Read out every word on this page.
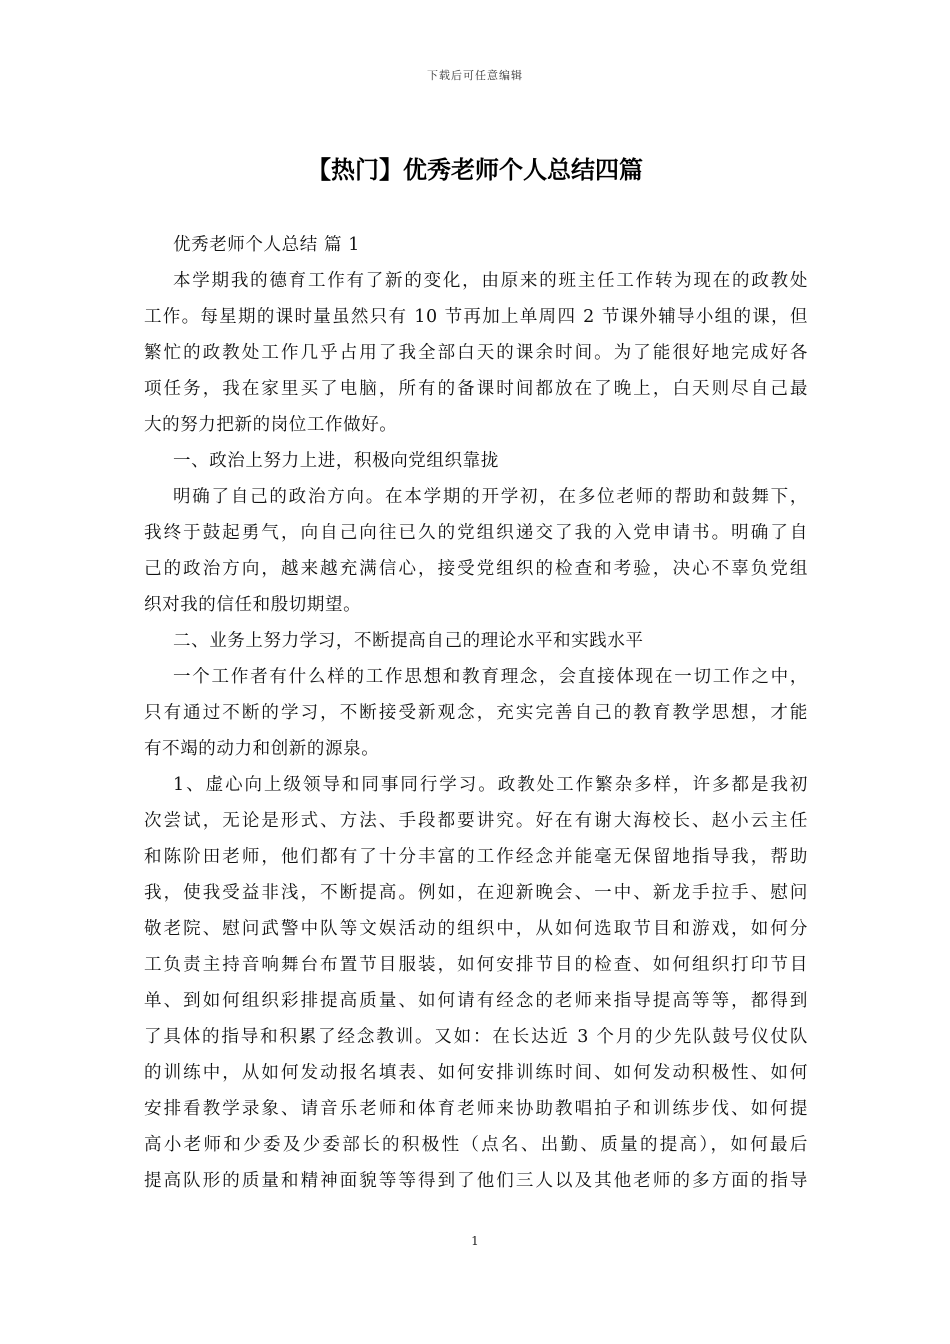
下载后可任意编辑
【热门】优秀老师个人总结四篇
优秀老师个人总结 篇 1
本学期我的德育工作有了新的变化，由原来的班主任工作转为现在的政教处
工作。每星期的课时量虽然只有 10 节再加上单周四 2 节课外辅导小组的课，但
繁忙的政教处工作几乎占用了我全部白天的课余时间。为了能很好地完成好各
项任务，我在家里买了电脑，所有的备课时间都放在了晚上，白天则尽自己最
大的努力把新的岗位工作做好。
一、政治上努力上进，积极向党组织靠拢
明确了自己的政治方向。在本学期的开学初，在多位老师的帮助和鼓舞下，
我终于鼓起勇气，向自己向往已久的党组织递交了我的入党申请书。明确了自
己的政治方向，越来越充满信心，接受党组织的检查和考验，决心不辜负党组
织对我的信任和殷切期望。
二、业务上努力学习，不断提高自己的理论水平和实践水平
一个工作者有什么样的工作思想和教育理念，会直接体现在一切工作之中，
只有通过不断的学习，不断接受新观念，充实完善自己的教育教学思想，才能
有不竭的动力和创新的源泉。
1、虚心向上级领导和同事同行学习。政教处工作繁杂多样，许多都是我初
次尝试，无论是形式、方法、手段都要讲究。好在有谢大海校长、赵小云主任
和陈阶田老师，他们都有了十分丰富的工作经念并能毫无保留地指导我，帮助
我，使我受益非浅，不断提高。例如，在迎新晚会、一中、新龙手拉手、慰问
敬老院、慰问武警中队等文娱活动的组织中，从如何选取节目和游戏，如何分
工负责主持音响舞台布置节目服装，如何安排节目的检查、如何组织打印节目
单、到如何组织彩排提高质量、如何请有经念的老师来指导提高等等，都得到
了具体的指导和积累了经念教训。又如：在长达近 3 个月的少先队鼓号仪仗队
的训练中，从如何发动报名填表、如何安排训练时间、如何发动积极性、如何
安排看教学录象、请音乐老师和体育老师来协助教唱拍子和训练步伐、如何提
高小老师和少委及少委部长的积极性（点名、出勤、质量的提高），如何最后
提高队形的质量和精神面貌等等得到了他们三人以及其他老师的多方面的指导
1
